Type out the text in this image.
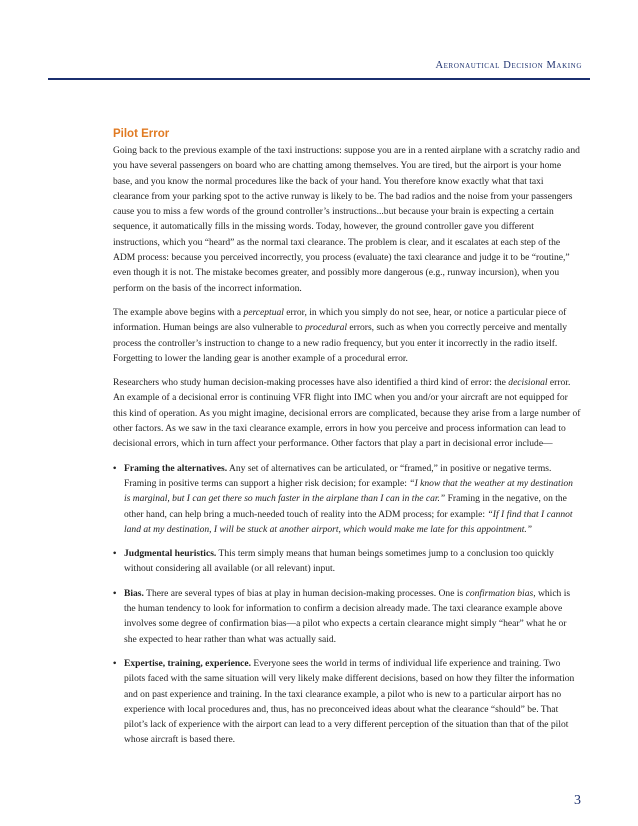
Aeronautical Decision Making
Pilot Error

Going back to the previous example of the taxi instructions: suppose you are in a rented airplane with a scratchy radio and you have several passengers on board who are chatting among themselves. You are tired, but the airport is your home base, and you know the normal procedures like the back of your hand. You therefore know exactly what that taxi clearance from your parking spot to the active runway is likely to be. The bad radios and the noise from your passengers cause you to miss a few words of the ground controller’s instructions...but because your brain is expecting a certain sequence, it automatically fills in the missing words. Today, however, the ground controller gave you different instructions, which you “heard” as the normal taxi clearance. The problem is clear, and it escalates at each step of the ADM process: because you perceived incorrectly, you process (evaluate) the taxi clearance and judge it to be “routine,” even though it is not. The mistake becomes greater, and possibly more dangerous (e.g., runway incursion), when you perform on the basis of the incorrect information.

The example above begins with a perceptual error, in which you simply do not see, hear, or notice a particular piece of information. Human beings are also vulnerable to procedural errors, such as when you correctly perceive and mentally process the controller’s instruction to change to a new radio frequency, but you enter it incorrectly in the radio itself. Forgetting to lower the landing gear is another example of a procedural error.

Researchers who study human decision-making processes have also identified a third kind of error: the decisional error. An example of a decisional error is continuing VFR flight into IMC when you and/or your aircraft are not equipped for this kind of operation. As you might imagine, decisional errors are complicated, because they arise from a large number of other factors. As we saw in the taxi clearance example, errors in how you perceive and process information can lead to decisional errors, which in turn affect your performance. Other factors that play a part in decisional error include—

• Framing the alternatives. Any set of alternatives can be articulated, or “framed,” in positive or negative terms. Framing in positive terms can support a higher risk decision; for example: “I know that the weather at my destination is marginal, but I can get there so much faster in the airplane than I can in the car.” Framing in the negative, on the other hand, can help bring a much-needed touch of reality into the ADM process; for example: “If I find that I cannot land at my destination, I will be stuck at another airport, which would make me late for this appointment.”
• Judgmental heuristics. This term simply means that human beings sometimes jump to a conclusion too quickly without considering all available (or all relevant) input.
• Bias. There are several types of bias at play in human decision-making processes. One is confirmation bias, which is the human tendency to look for information to confirm a decision already made. The taxi clearance example above involves some degree of confirmation bias—a pilot who expects a certain clearance might simply “hear” what he or she expected to hear rather than what was actually said.
• Expertise, training, experience. Everyone sees the world in terms of individual life experience and training. Two pilots faced with the same situation will very likely make different decisions, based on how they filter the information and on past experience and training. In the taxi clearance example, a pilot who is new to a particular airport has no experience with local procedures and, thus, has no preconceived ideas about what the clearance “should” be. That pilot’s lack of experience with the airport can lead to a very different perception of the situation than that of the pilot whose aircraft is based there.
3
